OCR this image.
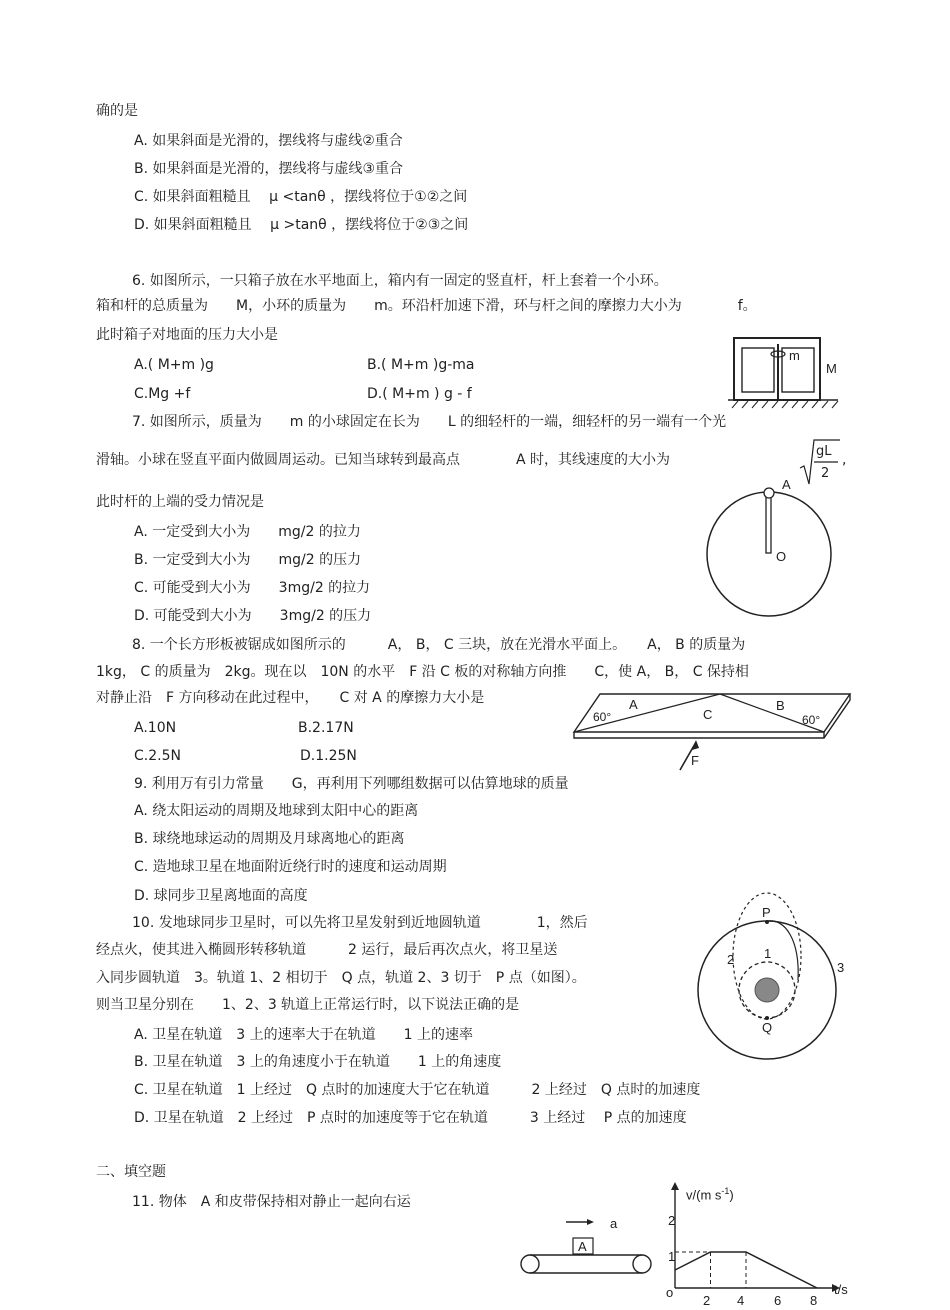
确的是
A. 如果斜面是光滑的，摆线将与虚线②重合
B. 如果斜面是光滑的，摆线将与虚线③重合
C. 如果斜面粗糙且　 μ <tanθ ，摆线将位于①②之间
D. 如果斜面粗糙且　 μ >tanθ ，摆线将位于②③之间
6. 如图所示，一只箱子放在水平地面上，箱内有一固定的竖直杆，杆上套着一个小环。
箱和杆的总质量为　　M，小环的质量为　　m。环沿杆加速下滑，环与杆之间的摩擦力大小为　　　　f。
此时箱子对地面的压力大小是
A.( M+m )g	B.( M+m )g-ma
C.Mg +f	D.( M+m ) g - f
m
M
7. 如图所示，质量为　　m 的小球固定在长为　　L 的细轻杆的一端，细轻杆的另一端有一个光
滑轴。小球在竖直平面内做圆周运动。已知当球转到最高点　　　　A 时，其线速度的大小为
gL
2
,
此时杆的上端的受力情况是
A. 一定受到大小为　　mg/2 的拉力
B. 一定受到大小为　　mg/2 的压力
C. 可能受到大小为　　3mg/2 的拉力
D. 可能受到大小为　　3mg/2 的压力
A
O
8. 一个长方形板被锯成如图所示的　　　A， B， C 三块，放在光滑水平面上。　　A， B 的质量为
1kg， C 的质量为　2kg。现在以　10N 的水平　F 沿 C 板的对称轴方向推　　C，使 A， B， C 保持相
对静止沿　F 方向移动在此过程中，　　C 对 A 的摩擦力大小是
A.10N	B.2.17N
C.2.5N	D.1.25N
60°
A
C
B
60°
F
9. 利用万有引力常量　　G，再利用下列哪组数据可以估算地球的质量
A. 绕太阳运动的周期及地球到太阳中心的距离
B. 球绕地球运动的周期及月球离地心的距离
C. 造地球卫星在地面附近绕行时的速度和运动周期
D. 球同步卫星离地面的高度
10. 发地球同步卫星时，可以先将卫星发射到近地圆轨道　　　　1，然后
经点火，使其进入椭圆形转移轨道　　　2 运行，最后再次点火，将卫星送
入同步圆轨道　3。轨道 1、2 相切于　Q 点，轨道 2、3 切于　P 点（如图）。
则当卫星分别在　　1、2、3 轨道上正常运行时，以下说法正确的是
A. 卫星在轨道　3 上的速率大于在轨道　　1 上的速率
B. 卫星在轨道　3 上的角速度小于在轨道　　1 上的角速度
C. 卫星在轨道　1 上经过　Q 点时的加速度大于它在轨道　　　2 上经过　Q 点时的加速度
D. 卫星在轨道　2 上经过　P 点时的加速度等于它在轨道　　　3 上经过　 P 点的加速度
P
2 1
3
Q
二、填空题
11. 物体　A 和皮带保持相对静止一起向右运
a
A
v/(m $s^{-1}$)
t/s
o
1
2
2 4 6 8
